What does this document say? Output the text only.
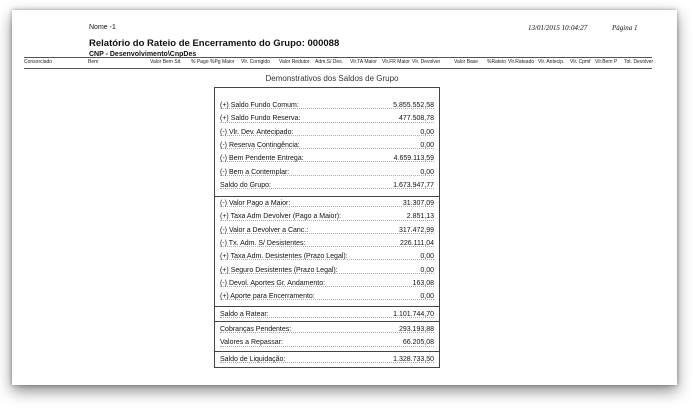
Nome -1	13/01/2015 10:04:27	Página 1
Relatório do Rateio de Encerramento do Grupo: 000088
CNP - Desenvolvimento\CnpDes
Consorciado	Bem	Valor Bem Sit. % Pago %Pg Maior Vlr. Corrigido Valor Redutor Adm.S/ Des. Vlr.TA Maior Vlr.FR Maior Vlr. Devolver	Valor Base %Rateio Vlr.Rateado Vlr. Antecip. Vlr. Cpmf Vlr.Bem P Tot. Devolver
Demonstrativos dos Saldos de Grupo
(+) Saldo Fundo Comum:	5.855.552,58
(+) Saldo Fundo Reserva:	477.508,78
(-) Vlr. Dev. Antecipado:	0,00
(-) Reserva Contingência:	0,00
(-) Bem Pendente Entrega:	4.659.113,59
(-) Bem a Contemplar:	0,00
Saldo do Grupo:	1.673.947,77
(-) Valor Pago a Maior:	31.307,09
(+) Taxa Adm Devolver (Pago a Maior):	2.851,13
(-) Valor a Devolver a Canc.:	317.472,99
(-) Tx. Adm. S/ Desistentes:	226.111,04
(+) Taxa Adm. Desistentes (Prazo Legal):	0,00
(+) Seguro Desistentes (Prazo Legal):	0,00
(-) Devol. Aportes Gr. Andamento:	163,08
(+) Aporte para Encerramento:	0,00
Saldo a Ratear:	1.101.744,70
Cobranças Pendentes:	293.193,88
Valores a Repassar:	66.205,08
Saldo de Liquidação:	1.328.733,50
